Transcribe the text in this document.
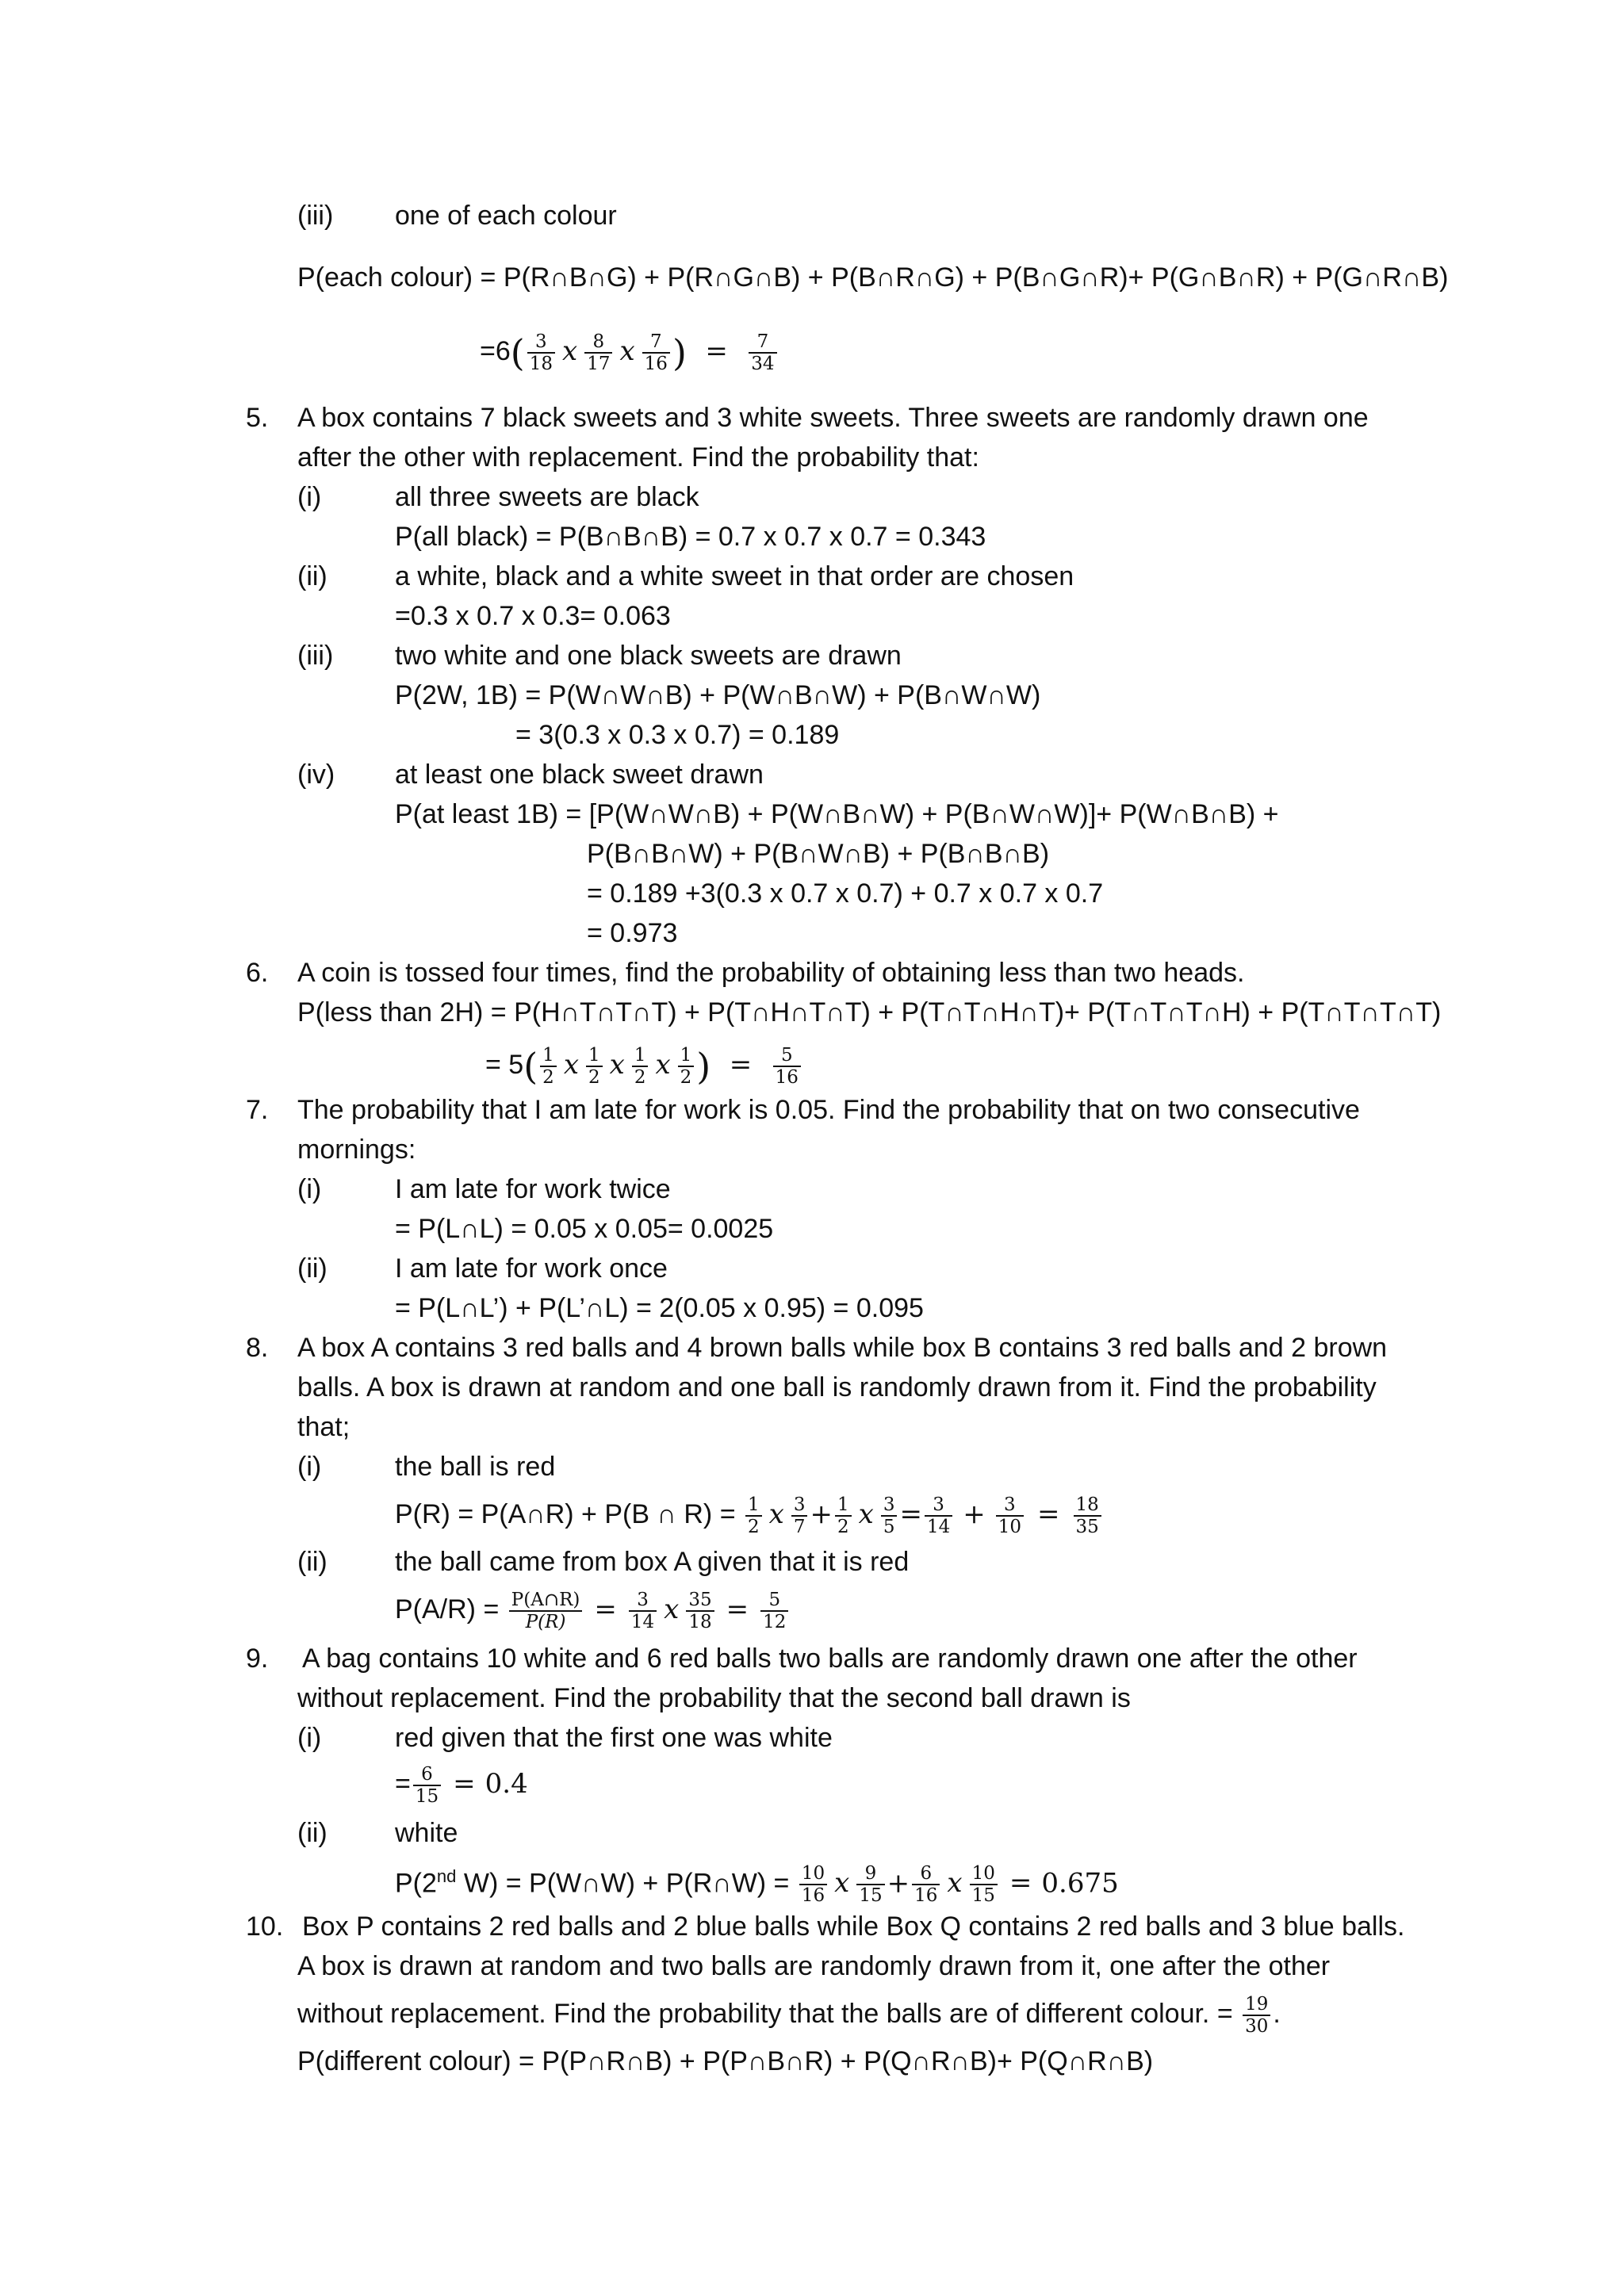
(iii) one of each colour
P(each colour) = P(R∩B∩G) + P(R∩G∩B) + P(B∩R∩G) + P(B∩G∩R)+ P(G∩B∩R) + P(G∩R∩B)
$=6( \frac{3}{18}$ x $\frac{8}{17}$ x $\frac{7}{16}$ ) = $\frac{7}{34}$
5. A box contains 7 black sweets and 3 white sweets. Three sweets are randomly drawn one
after the other with replacement. Find the probability that:
(i)	all three sweets are black
P(all black) = P(B∩B∩B) = 0.7 x 0.7 x 0.7 = 0.343
(ii)	a white, black and a white sweet in that order are chosen
=0.3 x 0.7 x 0.3= 0.063
(iii) two white and one black sweets are drawn
P(2W, 1B) = P(W∩W∩B) + P(W∩B∩W) + P(B∩W∩W)
= 3(0.3 x 0.3 x 0.7) = 0.189
(iv) at least one black sweet drawn
P(at least 1B) = [P(W∩W∩B) + P(W∩B∩W) + P(B∩W∩W)]+ P(W∩B∩B) +
P(B∩B∩W) + P(B∩W∩B) + P(B∩B∩B)
= 0.189 +3(0.3 x 0.7 x 0.7) + 0.7 x 0.7 x 0.7
= 0.973
6. A coin is tossed four times, find the probability of obtaining less than two heads.
P(less than 2H) = P(H∩T∩T∩T) + P(T∩H∩T∩T) + P(T∩T∩H∩T)+ P(T∩T∩T∩H) + P(T∩T∩T∩T)
= $5( \frac{1}{2}$ x $\frac{1}{2}$ x $\frac{1}{2}$ x $\frac{1}{2}$ ) = $\frac{5}{16}$
7. The probability that I am late for work is 0.05. Find the probability that on two consecutive
mornings:
(i)	I am late for work twice
= P(L∩L) = 0.05 x 0.05= 0.0025
(ii)	I am late for work once
= P(L∩L’) + P(L’∩L) = 2(0.05 x 0.95) = 0.095
8. A box A contains 3 red balls and 4 brown balls while box B contains 3 red balls and 2 brown
balls. A box is drawn at random and one ball is randomly drawn from it. Find the probability
that;
(i)	the ball is red
P(R) = P(A∩R) + P(B ∩ $R) = \frac{1}{2}$ x $\frac{3}{7} + \frac{1}{2}$ x $\frac{3}{5} = \frac{3}{14} + \frac{3}{10} = \frac{18}{35}$
(ii)	the ball came from box A given that it is red
$P(A/R) = \frac{P(A\cap R)}{P(R)} = \frac{3}{14}$ x $\frac{35}{18} = \frac{5}{12}$
9. A bag contains 10 white and 6 red balls two balls are randomly drawn one after the other
without replacement. Find the probability that the second ball drawn is
(i)	red given that the first one was white
= $\frac{6}{15} = 0.4$
(ii)	white
P(2nd W) = P(W∩W) + P(R∩W) = $\frac{10}{16}$ x $\frac{9}{15} + \frac{6}{16}$ x $\frac{10}{15} = 0.675$
10. Box P contains 2 red balls and 2 blue balls while Box Q contains 2 red balls and 3 blue balls.
A box is drawn at random and two balls are randomly drawn from it, one after the other
without replacement. Find the probability that the balls are of different colour. = $\frac{19}{30}$ .
P(different colour) = P(P∩R∩B) + P(P∩B∩R) + P(Q∩R∩B)+ P(Q∩R∩B)
